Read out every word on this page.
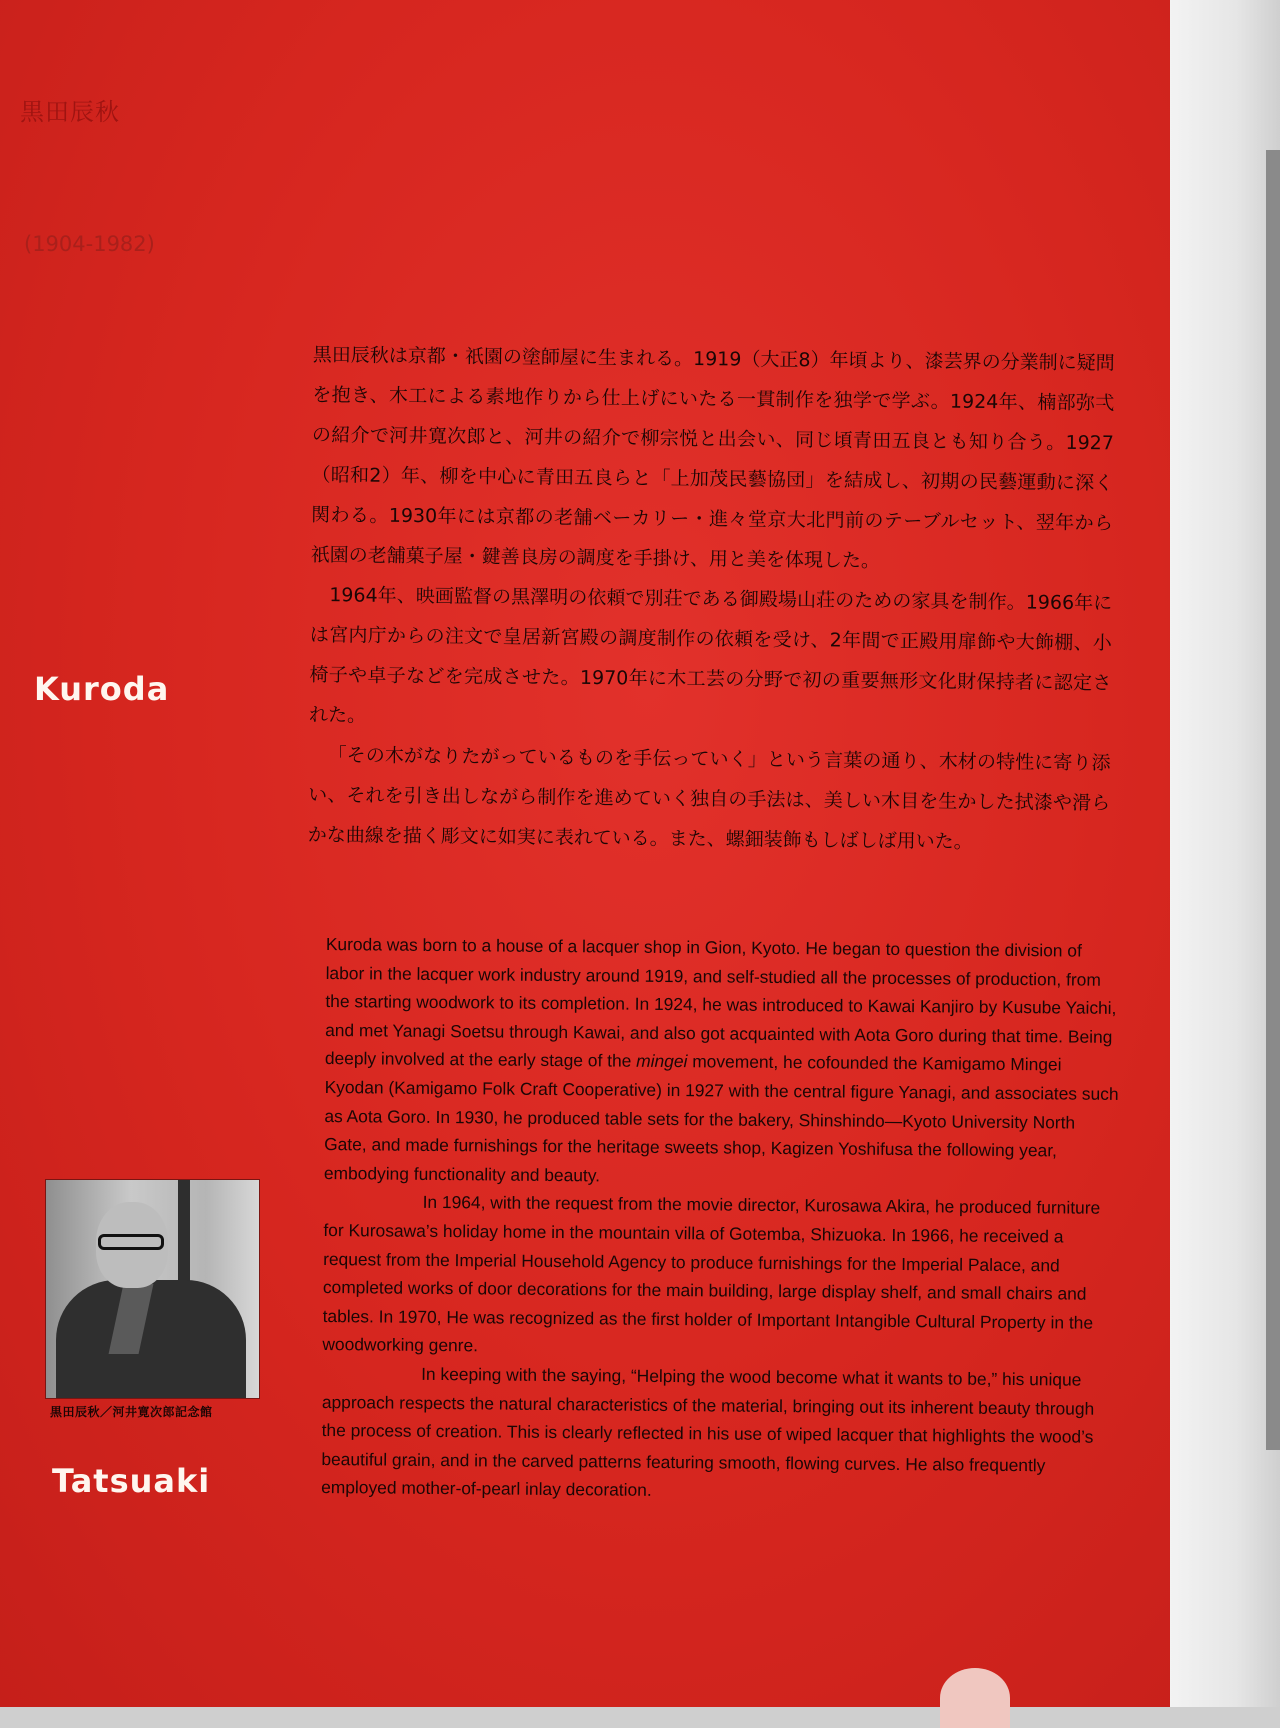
黒田辰秋
(1904-1982)
Kuroda
黒田辰秋／河井寛次郎記念館
Tatsuaki

黒田辰秋は京都・祇園の塗師屋に生まれる。1919（大正8）年頃より、漆芸界の分業制に疑問を抱き、木工による素地作りから仕上げにいたる一貫制作を独学で学ぶ。1924年、楠部弥弌の紹介で河井寛次郎と、河井の紹介で柳宗悦と出会い、同じ頃青田五良とも知り合う。1927（昭和2）年、柳を中心に青田五良らと「上加茂民藝協団」を結成し、初期の民藝運動に深く関わる。1930年には京都の老舗ベーカリー・進々堂京大北門前のテーブルセット、翌年から祇園の老舗菓子屋・鍵善良房の調度を手掛け、用と美を体現した。

1964年、映画監督の黒澤明の依頼で別荘である御殿場山荘のための家具を制作。1966年には宮内庁からの注文で皇居新宮殿の調度制作の依頼を受け、2年間で正殿用扉飾や大飾棚、小椅子や卓子などを完成させた。1970年に木工芸の分野で初の重要無形文化財保持者に認定された。

「その木がなりたがっているものを手伝っていく」という言葉の通り、木材の特性に寄り添い、それを引き出しながら制作を進めていく独自の手法は、美しい木目を生かした拭漆や滑らかな曲線を描く彫文に如実に表れている。また、螺鈿装飾もしばしば用いた。

Kuroda was born to a house of a lacquer shop in Gion, Kyoto. He began to question the division of labor in the lacquer work industry around 1919, and self-studied all the processes of production, from the starting woodwork to its completion. In 1924, he was introduced to Kawai Kanjiro by Kusube Yaichi, and met Yanagi Soetsu through Kawai, and also got acquainted with Aota Goro during that time. Being deeply involved at the early stage of the mingei movement, he cofounded the Kamigamo Mingei Kyodan (Kamigamo Folk Craft Cooperative) in 1927 with the central figure Yanagi, and associates such as Aota Goro. In 1930, he produced table sets for the bakery, Shinshindo—Kyoto University North Gate, and made furnishings for the heritage sweets shop, Kagizen Yoshifusa the following year, embodying functionality and beauty.

In 1964, with the request from the movie director, Kurosawa Akira, he produced furniture for Kurosawa’s holiday home in the mountain villa of Gotemba, Shizuoka. In 1966, he received a request from the Imperial Household Agency to produce furnishings for the Imperial Palace, and completed works of door decorations for the main building, large display shelf, and small chairs and tables. In 1970, He was recognized as the first holder of Important Intangible Cultural Property in the woodworking genre.

In keeping with the saying, “Helping the wood become what it wants to be,” his unique approach respects the natural characteristics of the material, bringing out its inherent beauty through the process of creation. This is clearly reflected in his use of wiped lacquer that highlights the wood’s beautiful grain, and in the carved patterns featuring smooth, flowing curves. He also frequently employed mother-of-pearl inlay decoration.
